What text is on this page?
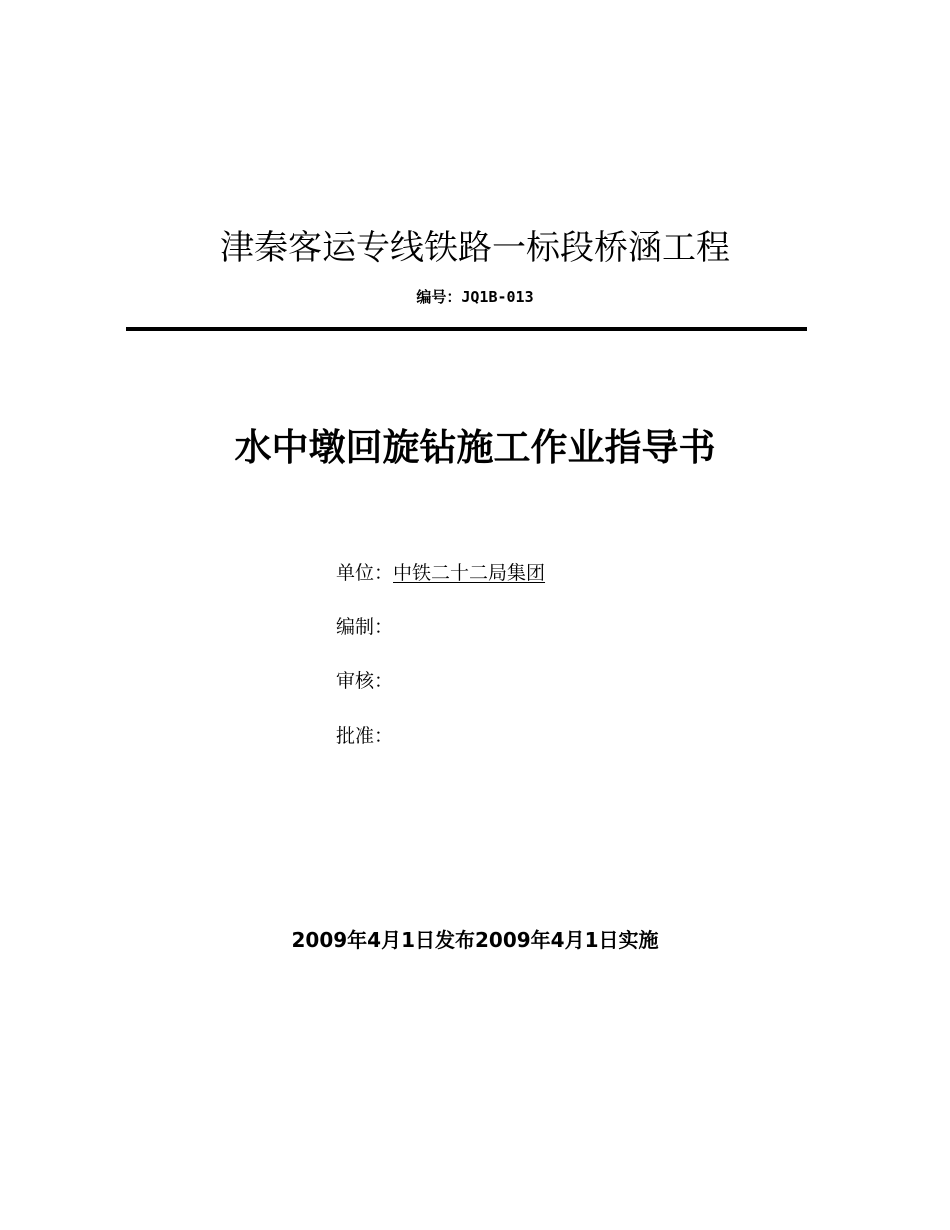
津秦客运专线铁路一标段桥涵工程
编号：JQ1B-013
水中墩回旋钻施工作业指导书
单位：中铁二十二局集团
编制：
审核：
批准：
2009年4月1日发布2009年4月1日实施
